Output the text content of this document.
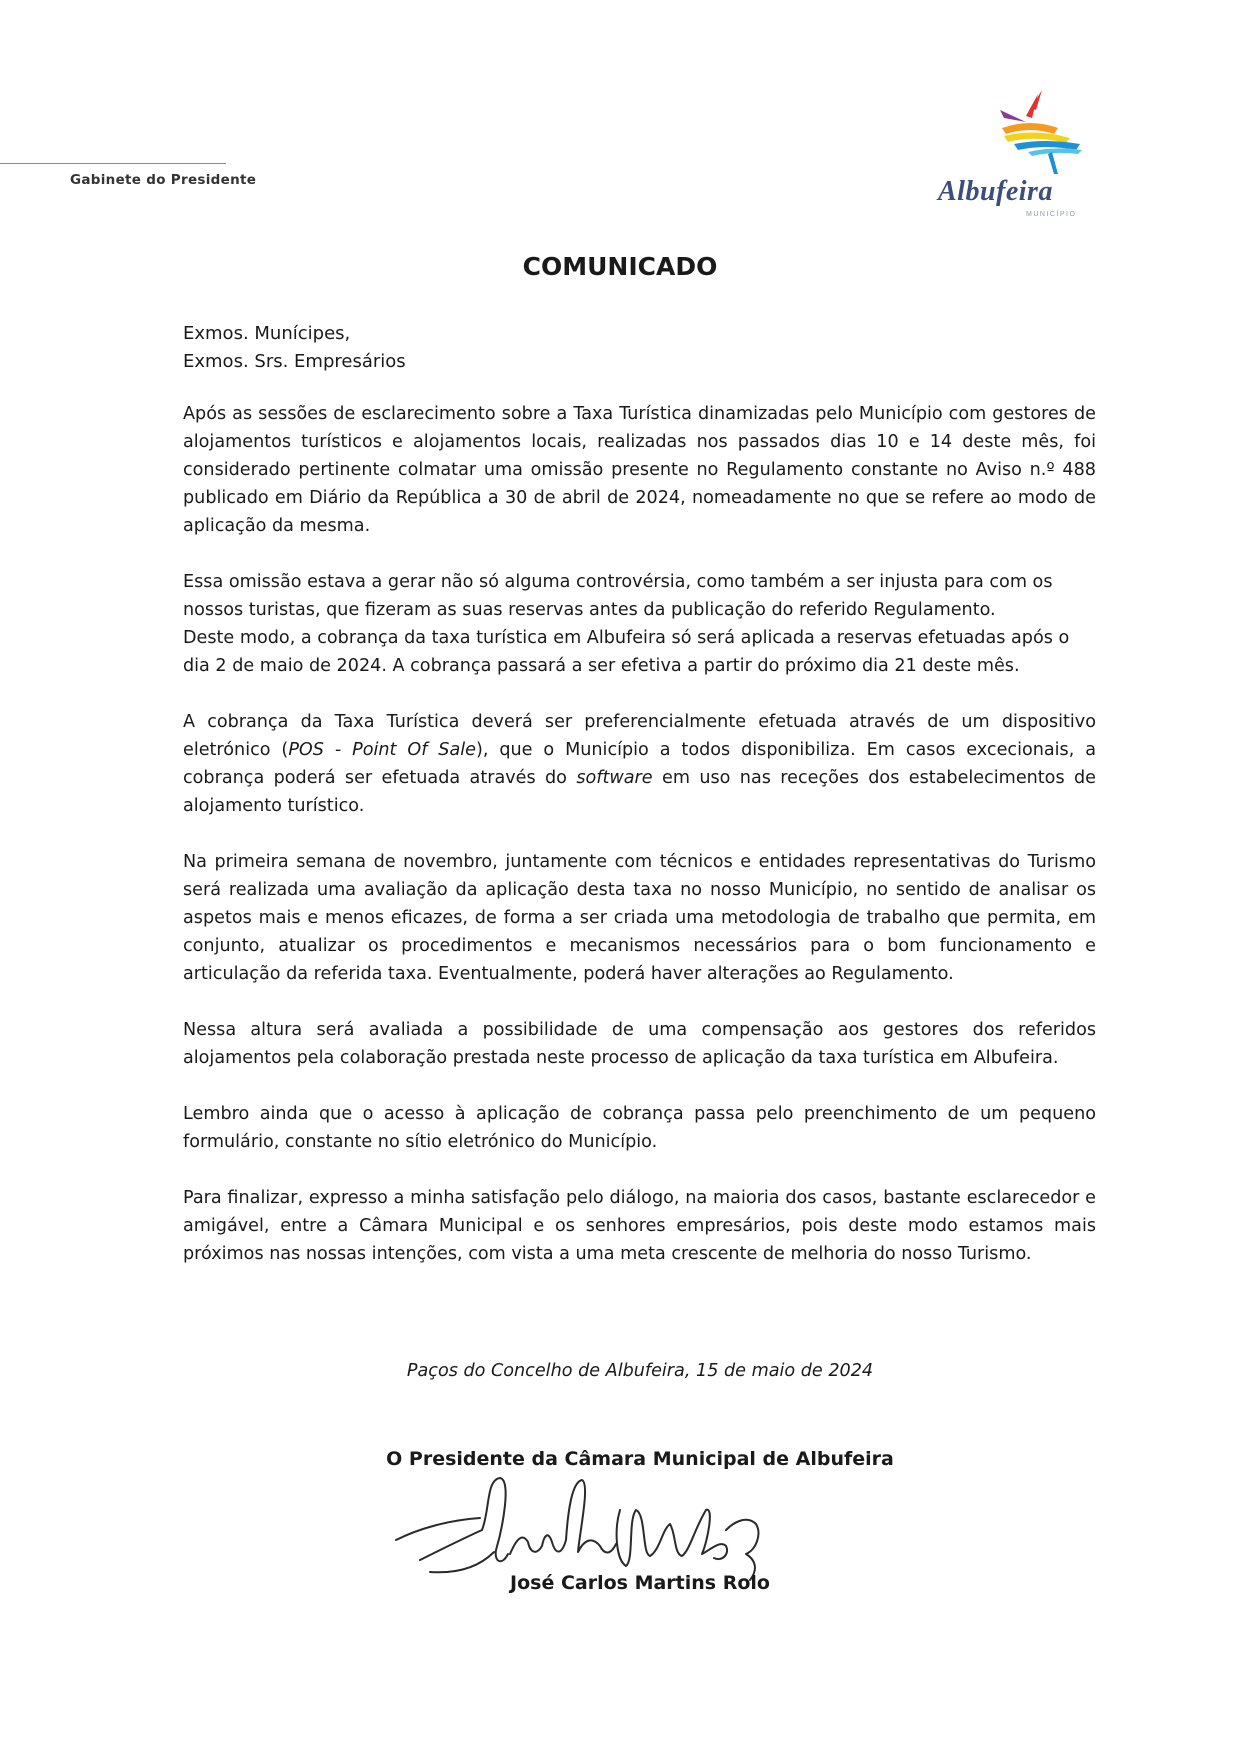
Gabinete do Presidente	Albufeira
MUNICÍPIO
COMUNICADO
Exmos. Munícipes,
Exmos. Srs. Empresários

Após as sessões de esclarecimento sobre a Taxa Turística dinamizadas pelo Município com gestores de alojamentos turísticos e alojamentos locais, realizadas nos passados dias 10 e 14 deste mês, foi considerado pertinente colmatar uma omissão presente no Regulamento constante no Aviso n.º 488 publicado em Diário da República a 30 de abril de 2024, nomeadamente no que se refere ao modo de aplicação da mesma.

Essa omissão estava a gerar não só alguma controvérsia, como também a ser injusta para com os
nossos turistas, que fizeram as suas reservas antes da publicação do referido Regulamento.
Deste modo, a cobrança da taxa turística em Albufeira só será aplicada a reservas efetuadas após o
dia 2 de maio de 2024. A cobrança passará a ser efetiva a partir do próximo dia 21 deste mês.

A cobrança da Taxa Turística deverá ser preferencialmente efetuada através de um dispositivo eletrónico (POS - Point Of Sale), que o Município a todos disponibiliza. Em casos excecionais, a cobrança poderá ser efetuada através do software em uso nas receções dos estabelecimentos de alojamento turístico.

Na primeira semana de novembro, juntamente com técnicos e entidades representativas do Turismo será realizada uma avaliação da aplicação desta taxa no nosso Município, no sentido de analisar os aspetos mais e menos eficazes, de forma a ser criada uma metodologia de trabalho que permita, em conjunto, atualizar os procedimentos e mecanismos necessários para o bom funcionamento e articulação da referida taxa. Eventualmente, poderá haver alterações ao Regulamento.

Nessa altura será avaliada a possibilidade de uma compensação aos gestores dos referidos alojamentos pela colaboração prestada neste processo de aplicação da taxa turística em Albufeira.

Lembro ainda que o acesso à aplicação de cobrança passa pelo preenchimento de um pequeno formulário, constante no sítio eletrónico do Município.

Para finalizar, expresso a minha satisfação pelo diálogo, na maioria dos casos, bastante esclarecedor e amigável, entre a Câmara Municipal e os senhores empresários, pois deste modo estamos mais próximos nas nossas intenções, com vista a uma meta crescente de melhoria do nosso Turismo.

Paços do Concelho de Albufeira, 15 de maio de 2024
O Presidente da Câmara Municipal de Albufeira
José Carlos Martins Rolo
